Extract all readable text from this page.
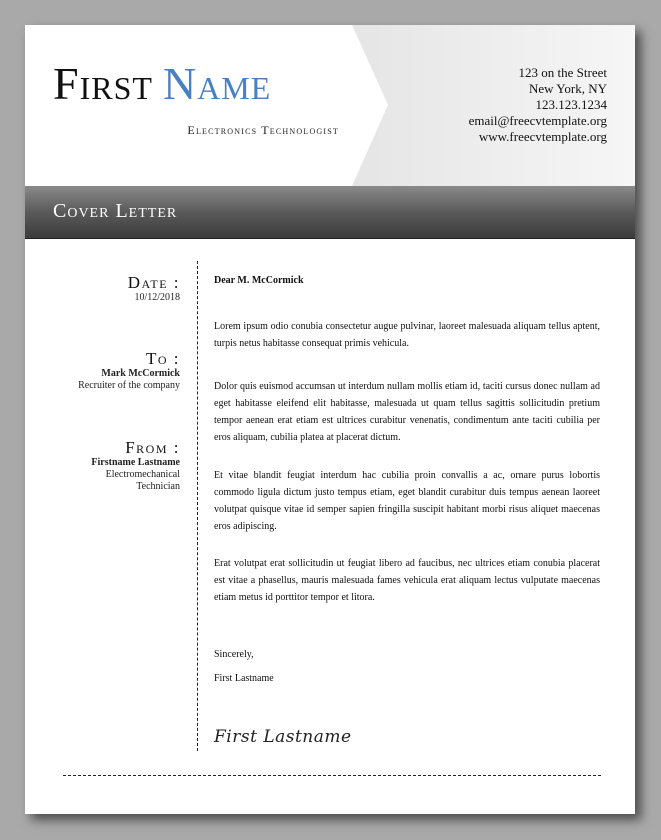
First Name
Electronics Technologist
123 on the Street
New York, NY
123.123.1234
email@freecvtemplate.org
www.freecvtemplate.org
Cover Letter
Date :
10/12/2018
To :
Mark McCormick
Recruiter of the company
From :
Firstname Lastname
Electromechanical
Technician
Dear M. McCormick

Lorem ipsum odio conubia consectetur augue pulvinar, laoreet malesuada aliquam tellus aptent, turpis netus habitasse consequat primis vehicula.

Dolor quis euismod accumsan ut interdum nullam mollis etiam id, taciti cursus donec nullam ad eget habitasse eleifend elit habitasse, malesuada ut quam tellus sagittis sollicitudin pretium tempor aenean erat etiam est ultrices curabitur venenatis, condimentum ante taciti cubilia per eros aliquam, cubilia platea at placerat dictum.

Et vitae blandit feugiat interdum hac cubilia proin convallis a ac, ornare purus lobortis commodo ligula dictum justo tempus etiam, eget blandit curabitur duis tempus aenean laoreet volutpat quisque vitae id semper sapien fringilla suscipit habitant morbi risus aliquet maecenas eros adipiscing.

Erat volutpat erat sollicitudin ut feugiat libero ad faucibus, nec ultrices etiam conubia placerat est vitae a phasellus, mauris malesuada fames vehicula erat aliquam lectus vulputate maecenas etiam metus id porttitor tempor et litora.

Sincerely,
First Lastname
First Lastname
